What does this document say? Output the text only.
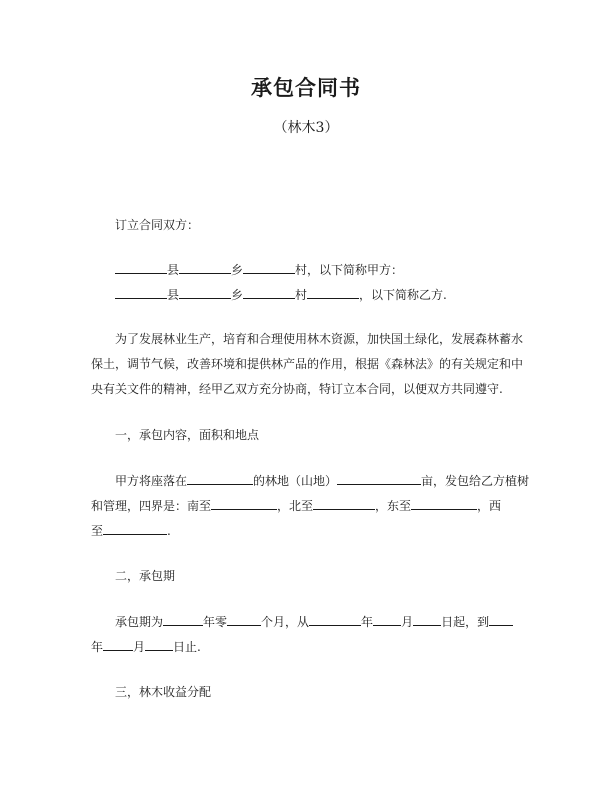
承包合同书
（林木3）
订立合同双方：
县	乡	村，以下简称甲方：
县	乡	村	，以下简称乙方.
为了发展林业生产，培育和合理使用林木资源，加快国土绿化，发展森林蓄水
保土，调节气候，改善环境和提供林产品的作用，根据《森林法》的有关规定和中
央有关文件的精神，经甲乙双方充分协商，特订立本合同，以便双方共同遵守.
一，承包内容，面积和地点
甲方将座落在	的林地（山地）	亩，发包给乙方植树
和管理，四界是：南至	，北至	，东至	，西
至	.
二，承包期
承包期为	年零	个月，从	年 月 日起，到
年	月 日止.
三，林木收益分配
